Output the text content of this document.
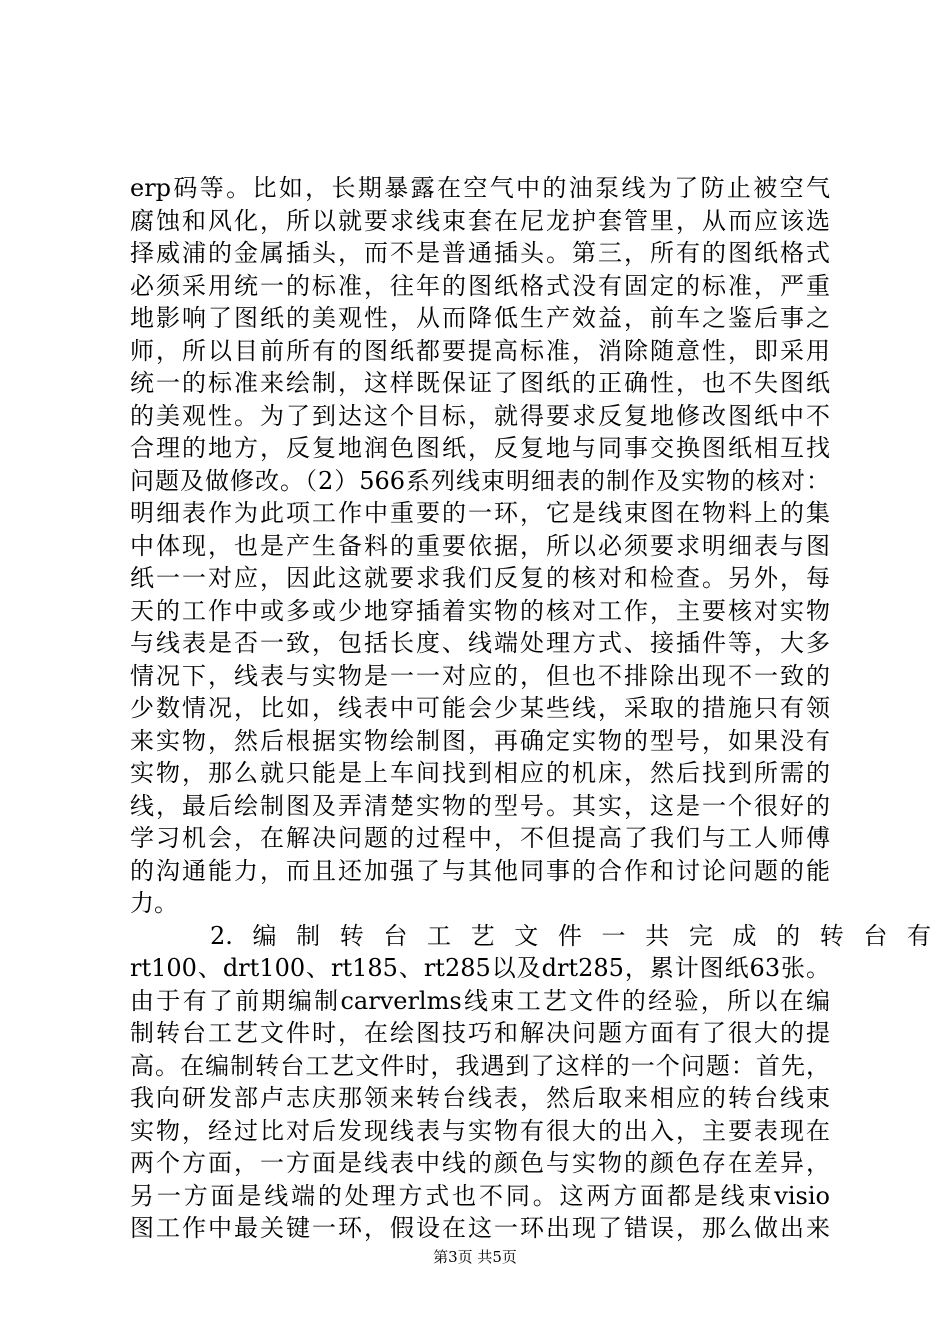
erp码等。比如，长期暴露在空气中的油泵线为了防止被空气
腐蚀和风化，所以就要求线束套在尼龙护套管里，从而应该选
择威浦的金属插头，而不是普通插头。第三，所有的图纸格式
必须采用统一的标准，往年的图纸格式没有固定的标准，严重
地影响了图纸的美观性，从而降低生产效益，前车之鉴后事之
师，所以目前所有的图纸都要提高标准，消除随意性，即采用
统一的标准来绘制，这样既保证了图纸的正确性，也不失图纸
的美观性。为了到达这个目标，就得要求反复地修改图纸中不
合理的地方，反复地润色图纸，反复地与同事交换图纸相互找
问题及做修改。（2）566系列线束明细表的制作及实物的核对：
明细表作为此项工作中重要的一环，它是线束图在物料上的集
中体现，也是产生备料的重要依据，所以必须要求明细表与图
纸一一对应，因此这就要求我们反复的核对和检查。另外，每
天的工作中或多或少地穿插着实物的核对工作，主要核对实物
与线表是否一致，包括长度、线端处理方式、接插件等，大多
情况下，线表与实物是一一对应的，但也不排除出现不一致的
少数情况，比如，线表中可能会少某些线，采取的措施只有领
来实物，然后根据实物绘制图，再确定实物的型号，如果没有
实物，那么就只能是上车间找到相应的机床，然后找到所需的
线，最后绘制图及弄清楚实物的型号。其实，这是一个很好的
学习机会，在解决问题的过程中，不但提高了我们与工人师傅
的沟通能力，而且还加强了与其他同事的合作和讨论问题的能
力。
2. 编 制 转 台 工 艺 文 件 一 共 完 成 的 转 台 有
rt100、drt100、rt185、rt285以及drt285，累计图纸63张。
由于有了前期编制carverlms线束工艺文件的经验，所以在编
制转台工艺文件时，在绘图技巧和解决问题方面有了很大的提
高。在编制转台工艺文件时，我遇到了这样的一个问题：首先，
我向研发部卢志庆那领来转台线表，然后取来相应的转台线束
实物，经过比对后发现线表与实物有很大的出入，主要表现在
两个方面，一方面是线表中线的颜色与实物的颜色存在差异，
另一方面是线端的处理方式也不同。这两方面都是线束visio
图工作中最关键一环，假设在这一环出现了错误，那么做出来
第3页 共5页
